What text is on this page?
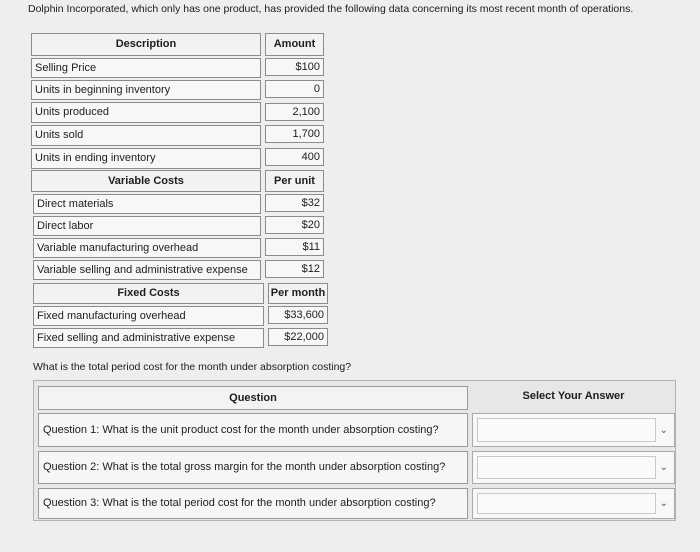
Dolphin Incorporated, which only has one product, has provided the following data concerning its most recent month of operations.
Description	Amount
Selling Price	$100
Units in beginning inventory	0
Units produced	2,100
Units sold	1,700
Units in ending inventory	400
Variable Costs	Per unit
Direct materials	$32
Direct labor	$20
Variable manufacturing overhead	$11
Variable selling and administrative expense	$12
Fixed Costs	Per month
Fixed manufacturing overhead	$33,600
Fixed selling and administrative expense	$22,000
What is the total period cost for the month under absorption costing?
Question	Select Your Answer
Question 1: What is the unit product cost for the month under absorption costing?	⌄
Question 2: What is the total gross margin for the month under absorption costing?	⌄
Question 3: What is the total period cost for the month under absorption costing?	⌄
